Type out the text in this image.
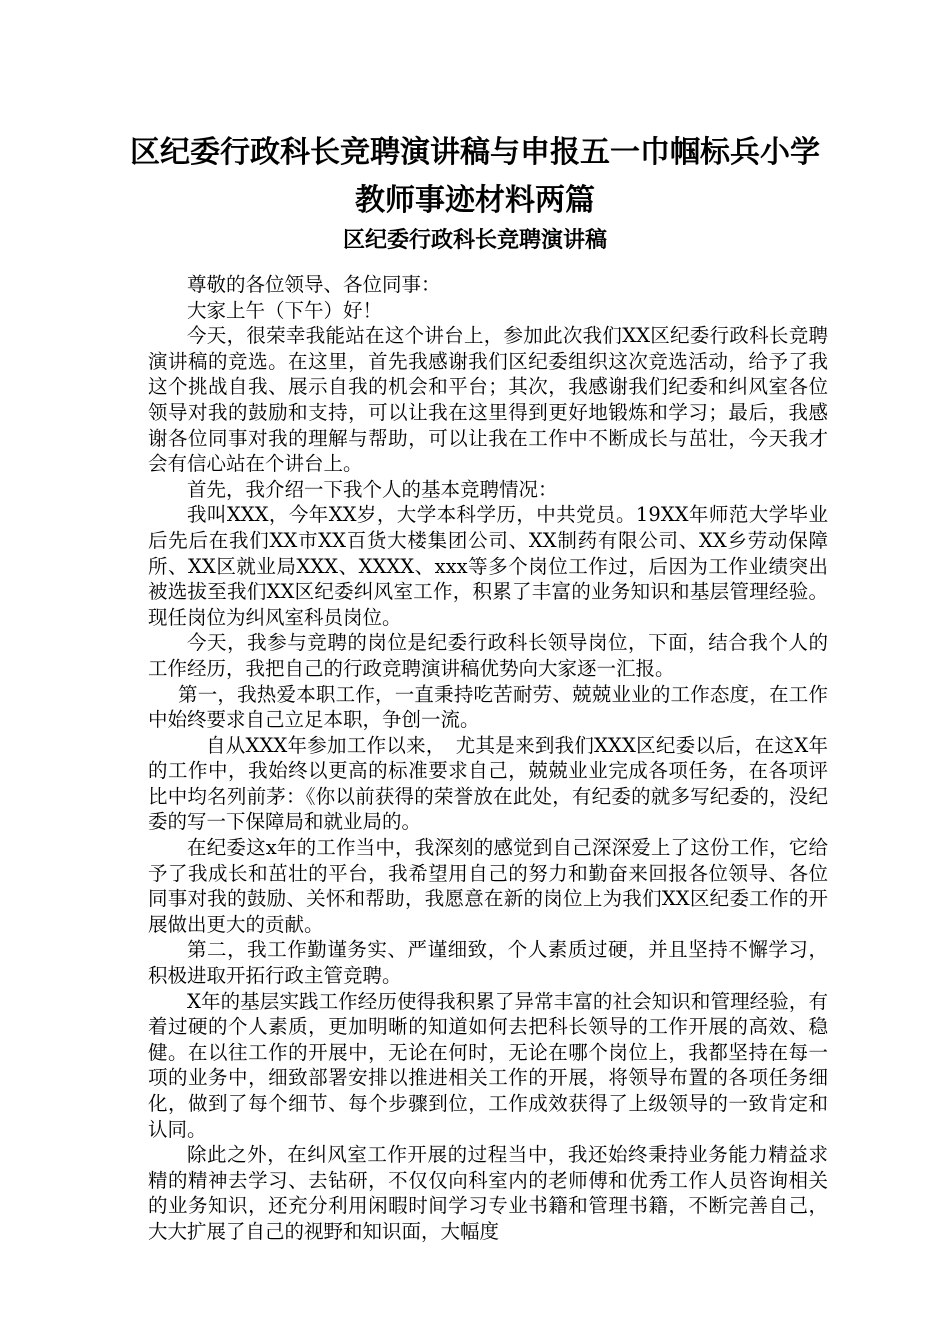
区纪委行政科长竞聘演讲稿与申报五一巾帼标兵小学
教师事迹材料两篇
区纪委行政科长竞聘演讲稿

尊敬的各位领导、各位同事：

大家上午（下午）好！

今天，很荣幸我能站在这个讲台上，参加此次我们XX区纪委行政科长竞聘演讲稿的竞选。在这里，首先我感谢我们区纪委组织这次竞选活动，给予了我这个挑战自我、展示自我的机会和平台；其次，我感谢我们纪委和纠风室各位领导对我的鼓励和支持，可以让我在这里得到更好地锻炼和学习；最后，我感谢各位同事对我的理解与帮助，可以让我在工作中不断成长与茁壮，今天我才会有信心站在个讲台上。

首先，我介绍一下我个人的基本竞聘情况：

我叫XXX，今年XX岁，大学本科学历，中共党员。19XX年师范大学毕业后先后在我们XX市XX百货大楼集团公司、XX制药有限公司、XX乡劳动保障所、XX区就业局XXX、XXXX、xxx等多个岗位工作过，后因为工作业绩突出被选拔至我们XX区纪委纠风室工作，积累了丰富的业务知识和基层管理经验。现任岗位为纠风室科员岗位。

今天，我参与竞聘的岗位是纪委行政科长领导岗位，下面，结合我个人的工作经历，我把自己的行政竞聘演讲稿优势向大家逐一汇报。

第一，我热爱本职工作，一直秉持吃苦耐劳、兢兢业业的工作态度，在工作中始终要求自己立足本职，争创一流。

自从XXX年参加工作以来，　尤其是来到我们XXX区纪委以后，在这X年的工作中，我始终以更高的标准要求自己，兢兢业业完成各项任务，在各项评比中均名列前茅：《你以前获得的荣誉放在此处，有纪委的就多写纪委的，没纪委的写一下保障局和就业局的。

在纪委这x年的工作当中，我深刻的感觉到自己深深爱上了这份工作，它给予了我成长和茁壮的平台，我希望用自己的努力和勤奋来回报各位领导、各位同事对我的鼓励、关怀和帮助，我愿意在新的岗位上为我们XX区纪委工作的开展做出更大的贡献。

第二，我工作勤谨务实、严谨细致，个人素质过硬，并且坚持不懈学习，积极进取开拓行政主管竞聘。

X年的基层实践工作经历使得我积累了异常丰富的社会知识和管理经验，有着过硬的个人素质，更加明晰的知道如何去把科长领导的工作开展的高效、稳健。在以往工作的开展中，无论在何时，无论在哪个岗位上，我都坚持在每一项的业务中，细致部署安排以推进相关工作的开展，将领导布置的各项任务细化，做到了每个细节、每个步骤到位，工作成效获得了上级领导的一致肯定和认同。

除此之外，在纠风室工作开展的过程当中，我还始终秉持业务能力精益求精的精神去学习、去钻研，不仅仅向科室内的老师傅和优秀工作人员咨询相关的业务知识，还充分利用闲暇时间学习专业书籍和管理书籍，不断完善自己，大大扩展了自己的视野和知识面，大幅度
